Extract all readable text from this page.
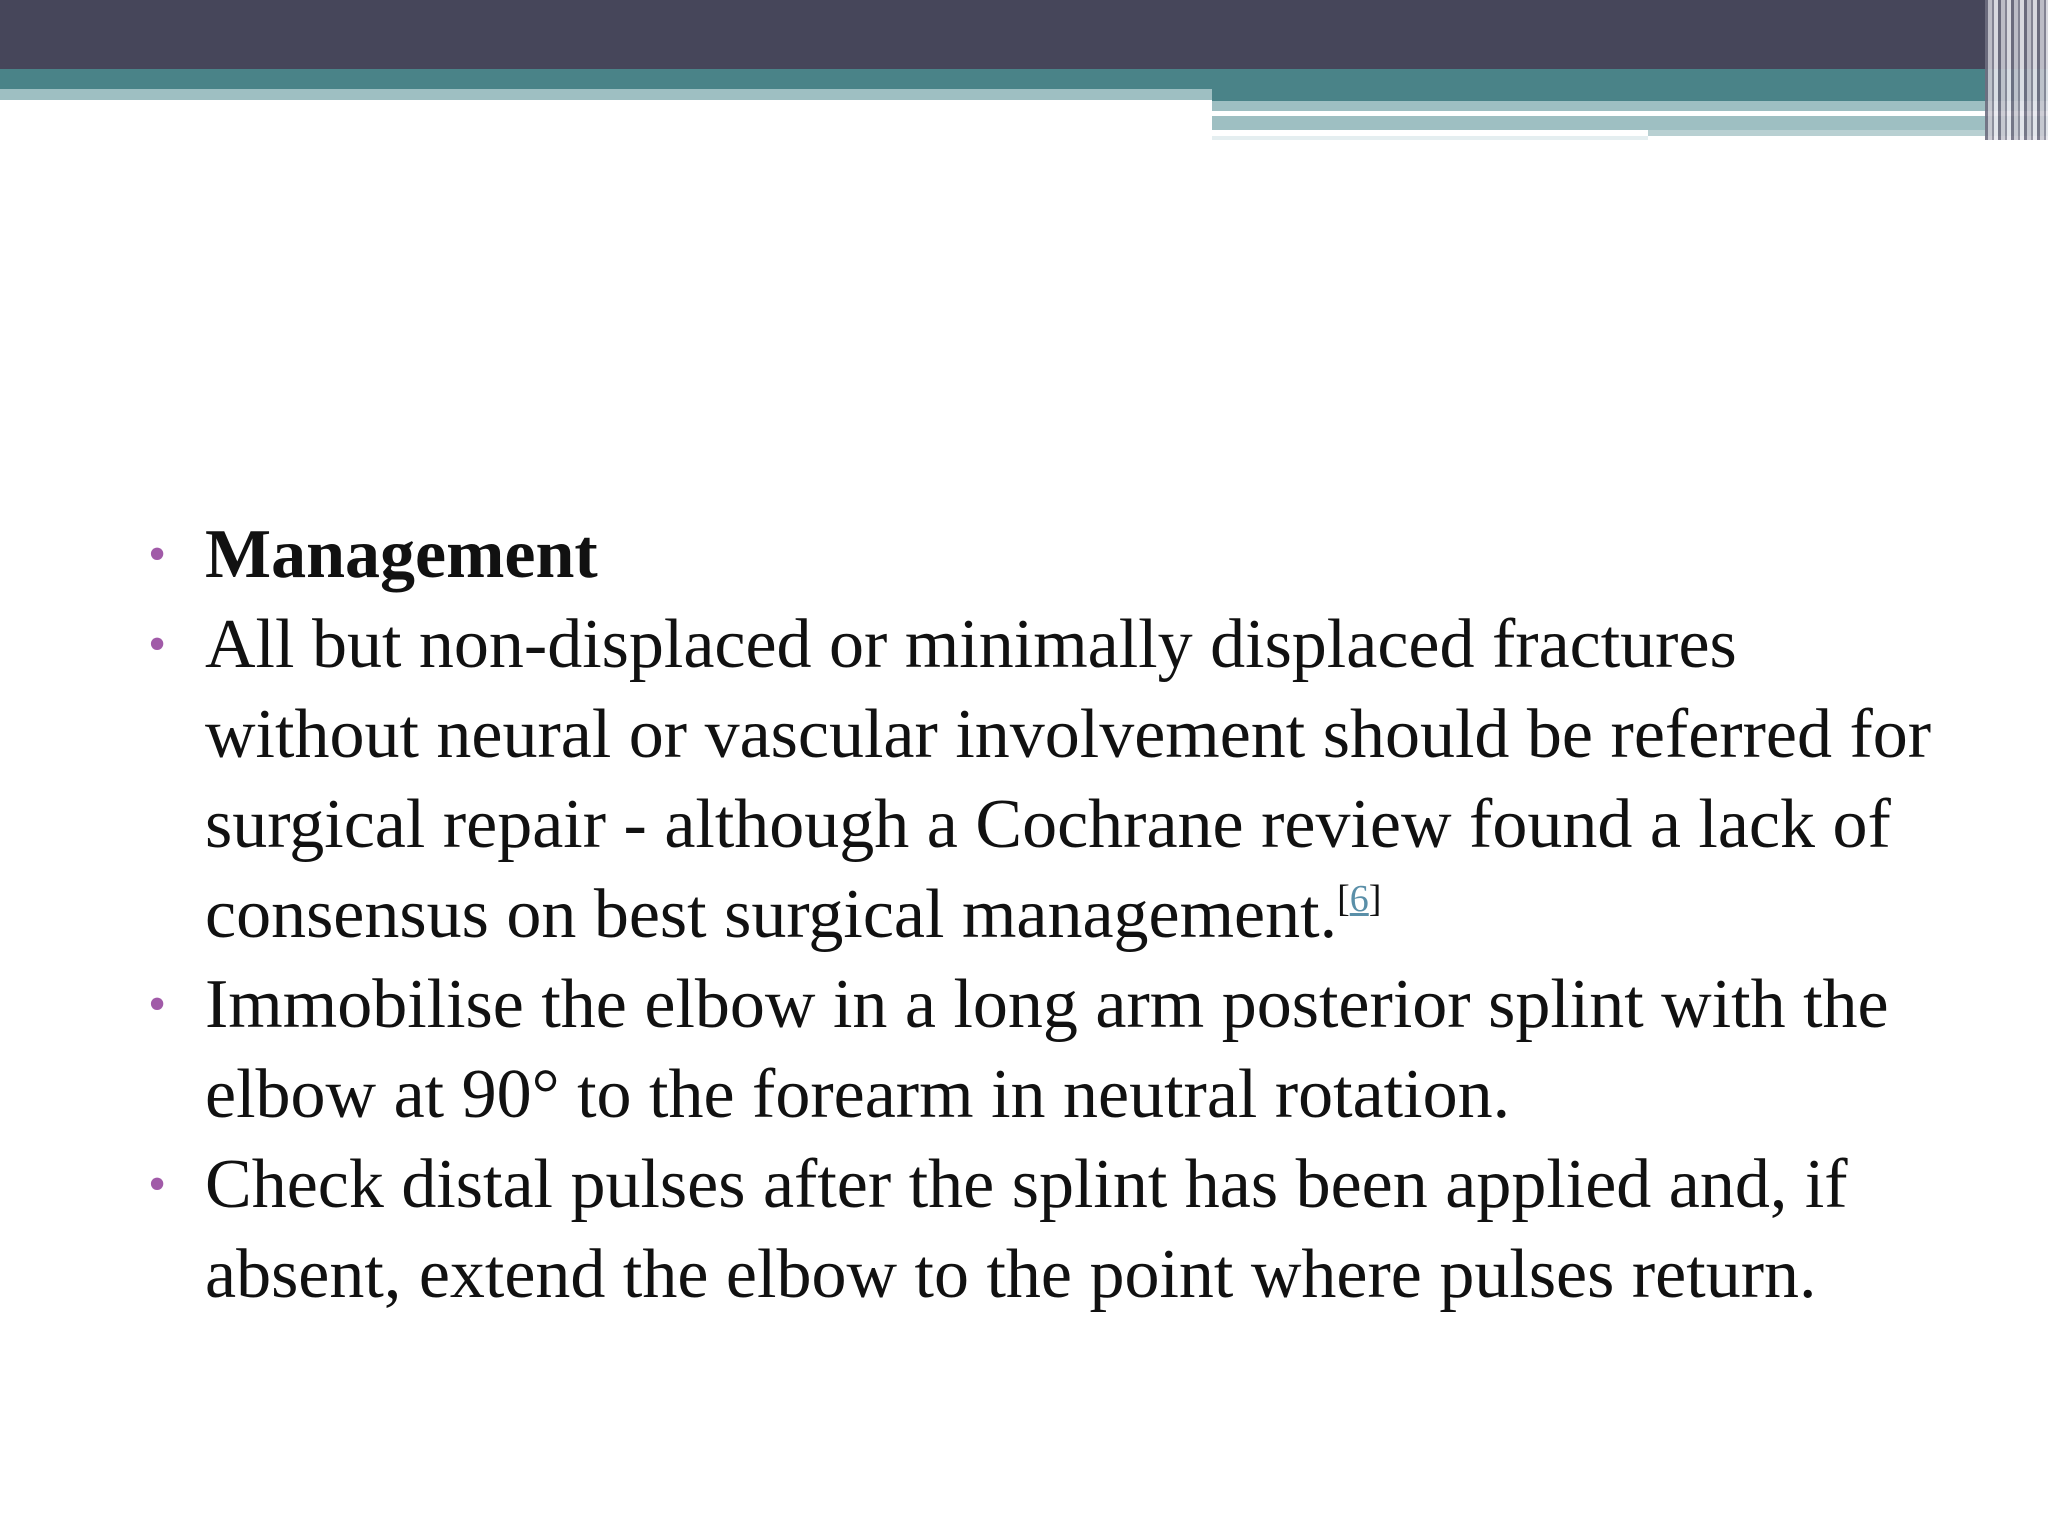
• Management
• All but non-displaced or minimally displaced fractures without neural or vascular involvement should be referred for surgical repair - although a Cochrane review found a lack of consensus on best surgical management.[6]
• Immobilise the elbow in a long arm posterior splint with the elbow at 90° to the forearm in neutral rotation.
• Check distal pulses after the splint has been applied and, if absent, extend the elbow to the point where pulses return.
